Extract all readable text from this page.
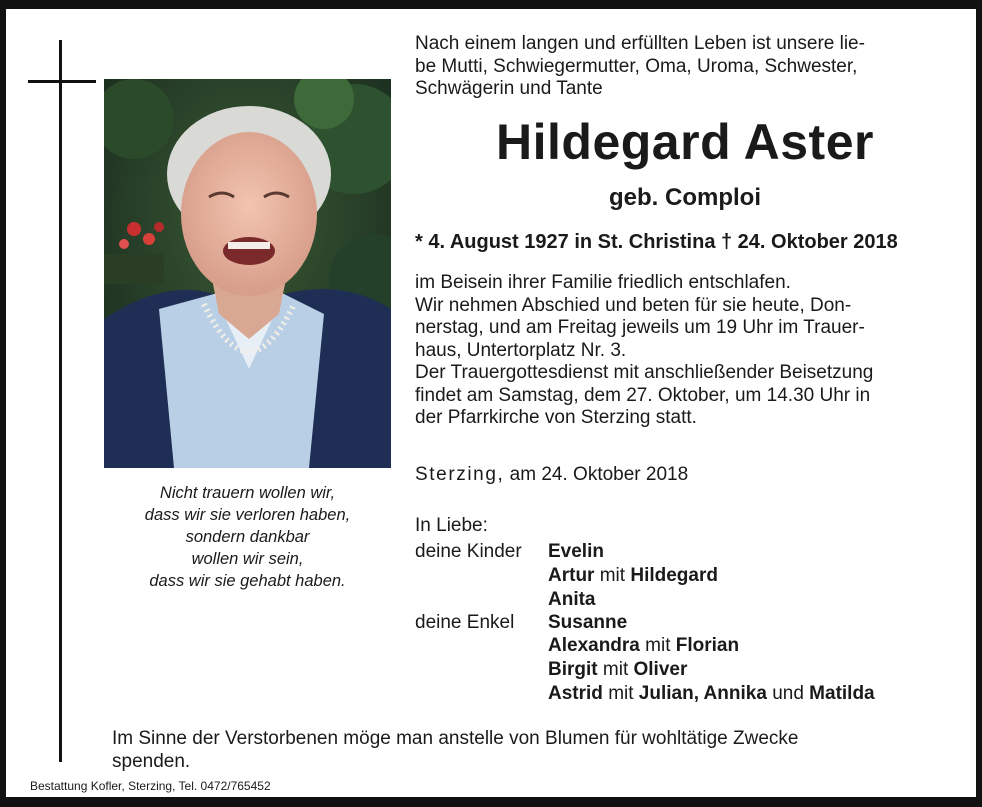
Nicht trauern wollen wir,
dass wir sie verloren haben,
sondern dankbar
wollen wir sein,
dass wir sie gehabt haben.
Nach einem langen und erfüllten Leben ist unsere lie-
be Mutti, Schwiegermutter, Oma, Uroma, Schwester,
Schwägerin und Tante
Hildegard Aster
geb. Comploi
* 4. August 1927 in St. Christina † 24. Oktober 2018
im Beisein ihrer Familie friedlich entschlafen.
Wir nehmen Abschied und beten für sie heute, Don-
nerstag, und am Freitag jeweils um 19 Uhr im Trauer-
haus, Untertorplatz Nr. 3.
Der Trauergottesdienst mit anschließender Beisetzung
findet am Samstag, dem 27. Oktober, um 14.30 Uhr in
der Pfarrkirche von Sterzing statt.
Sterzing, am 24. Oktober 2018
In Liebe:
deine Kinder Evelin
Artur mit Hildegard
Anita
deine Enkel Susanne
Alexandra mit Florian
Birgit mit Oliver
Astrid mit Julian, Annika und Matilda
Im Sinne der Verstorbenen möge man anstelle von Blumen für wohltätige Zwecke
spenden.
Bestattung Kofler, Sterzing, Tel. 0472/765452
